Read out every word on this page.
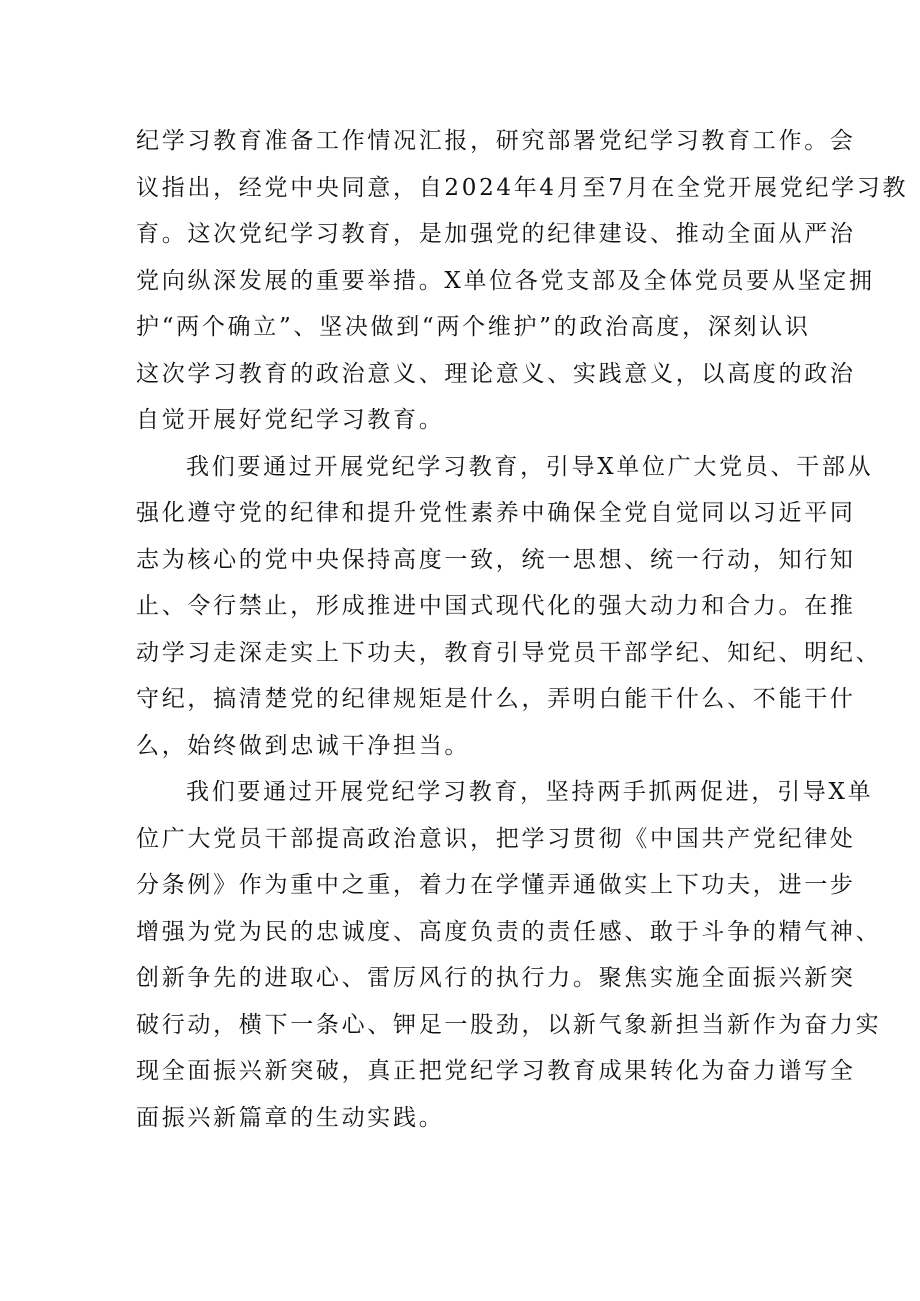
纪学习教育准备工作情况汇报，研究部署党纪学习教育工作。会
议指出，经党中央同意，自2024年4月至7月在全党开展党纪学习教
育。这次党纪学习教育，是加强党的纪律建设、推动全面从严治
党向纵深发展的重要举措。X单位各党支部及全体党员要从坚定拥
护“两个确立”、坚决做到“两个维护”的政治高度，深刻认识
这次学习教育的政治意义、理论意义、实践意义，以高度的政治
自觉开展好党纪学习教育。
我们要通过开展党纪学习教育，引导X单位广大党员、干部从
强化遵守党的纪律和提升党性素养中确保全党自觉同以习近平同
志为核心的党中央保持高度一致，统一思想、统一行动，知行知
止、令行禁止，形成推进中国式现代化的强大动力和合力。在推
动学习走深走实上下功夫，教育引导党员干部学纪、知纪、明纪、
守纪，搞清楚党的纪律规矩是什么，弄明白能干什么、不能干什
么，始终做到忠诚干净担当。
我们要通过开展党纪学习教育，坚持两手抓两促进，引导X单
位广大党员干部提高政治意识，把学习贯彻《中国共产党纪律处
分条例》作为重中之重，着力在学懂弄通做实上下功夫，进一步
增强为党为民的忠诚度、高度负责的责任感、敢于斗争的精气神、
创新争先的进取心、雷厉风行的执行力。聚焦实施全面振兴新突
破行动，横下一条心、钾足一股劲，以新气象新担当新作为奋力实
现全面振兴新突破，真正把党纪学习教育成果转化为奋力谱写全
面振兴新篇章的生动实践。
